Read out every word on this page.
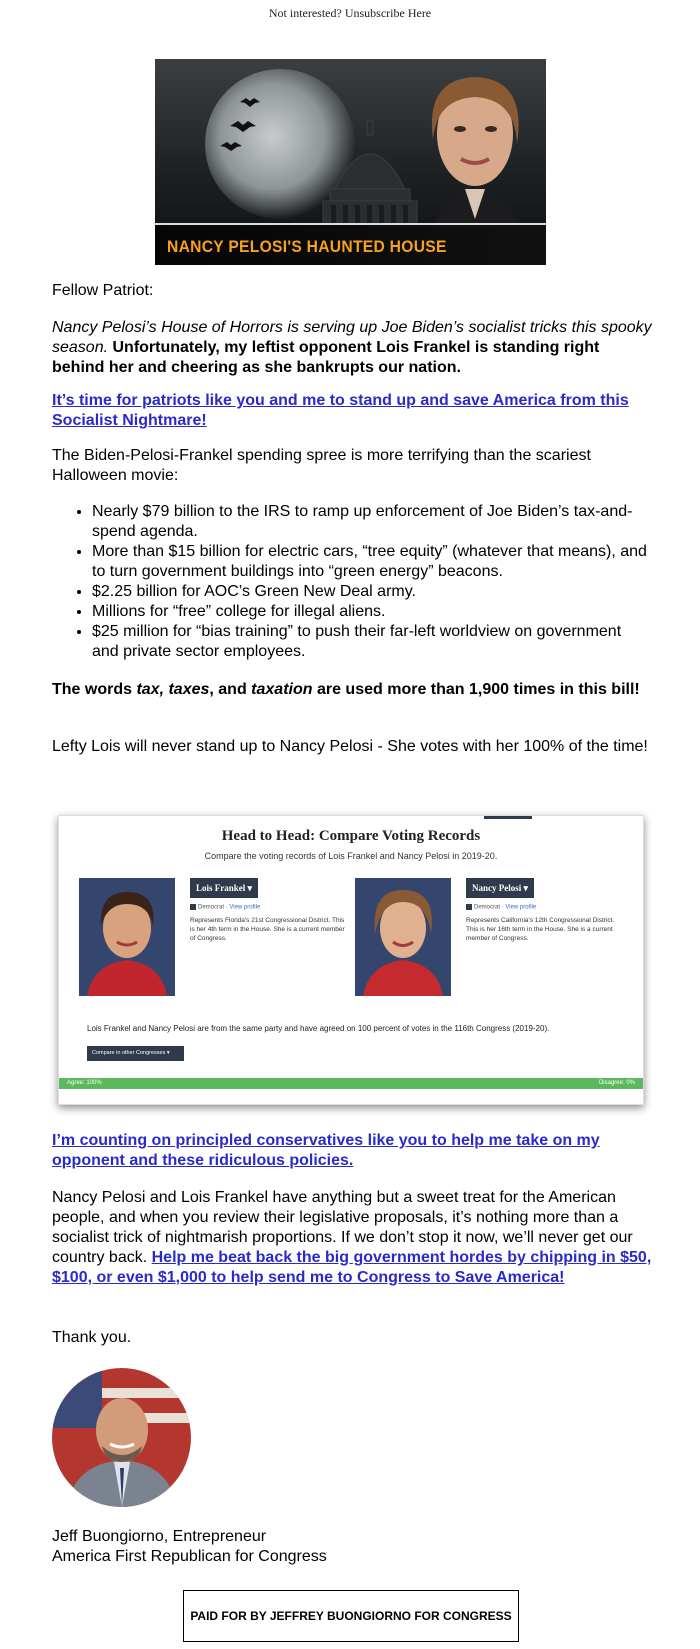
Not interested? Unsubscribe Here
NANCY PELOSI'S HAUNTED HOUSE

Fellow Patriot:

Nancy Pelosi’s House of Horrors is serving up Joe Biden’s socialist tricks this spooky season. Unfortunately, my leftist opponent Lois Frankel is standing right behind her and cheering as she bankrupts our nation.

It’s time for patriots like you and me to stand up and save America from this Socialist Nightmare!

The Biden-Pelosi-Frankel spending spree is more terrifying than the scariest Halloween movie:

• Nearly $79 billion to the IRS to ramp up enforcement of Joe Biden’s tax-and-spend agenda.
• More than $15 billion for electric cars, “tree equity” (whatever that means), and to turn government buildings into “green energy” beacons.
• $2.25 billion for AOC’s Green New Deal army.
• Millions for “free” college for illegal aliens.
• $25 million for “bias training” to push their far-left worldview on government and private sector employees.

The words tax, taxes, and taxation are used more than 1,900 times in this bill!

Lefty Lois will never stand up to Nancy Pelosi - She votes with her 100% of the time!

Head to Head: Compare Voting Records
Compare the voting records of Lois Frankel and Nancy Pelosi in 2019-20.
Lois Frankel ▾
Democrat · View profile
Represents Florida's 21st Congressional District. This is her 4th term in the House. She is a current member of Congress.
Nancy Pelosi ▾
Democrat · View profile
Represents California's 12th Congressional District. This is her 16th term in the House. She is a current member of Congress.
Lois Frankel and Nancy Pelosi are from the same party and have agreed on 100 percent of votes in the 116th Congress (2019-20).
Compare in other Congresses ▾
Agree: 100%	Disagree: 0%

I’m counting on principled conservatives like you to help me take on my opponent and these ridiculous policies.

Nancy Pelosi and Lois Frankel have anything but a sweet treat for the American people, and when you review their legislative proposals, it’s nothing more than a socialist trick of nightmarish proportions. If we don’t stop it now, we’ll never get our country back. Help me beat back the big government hordes by chipping in $50, $100, or even $1,000 to help send me to Congress to Save America!

Thank you.

Jeff Buongiorno, Entrepreneur

America First Republican for Congress

PAID FOR BY JEFFREY BUONGIORNO FOR CONGRESS
